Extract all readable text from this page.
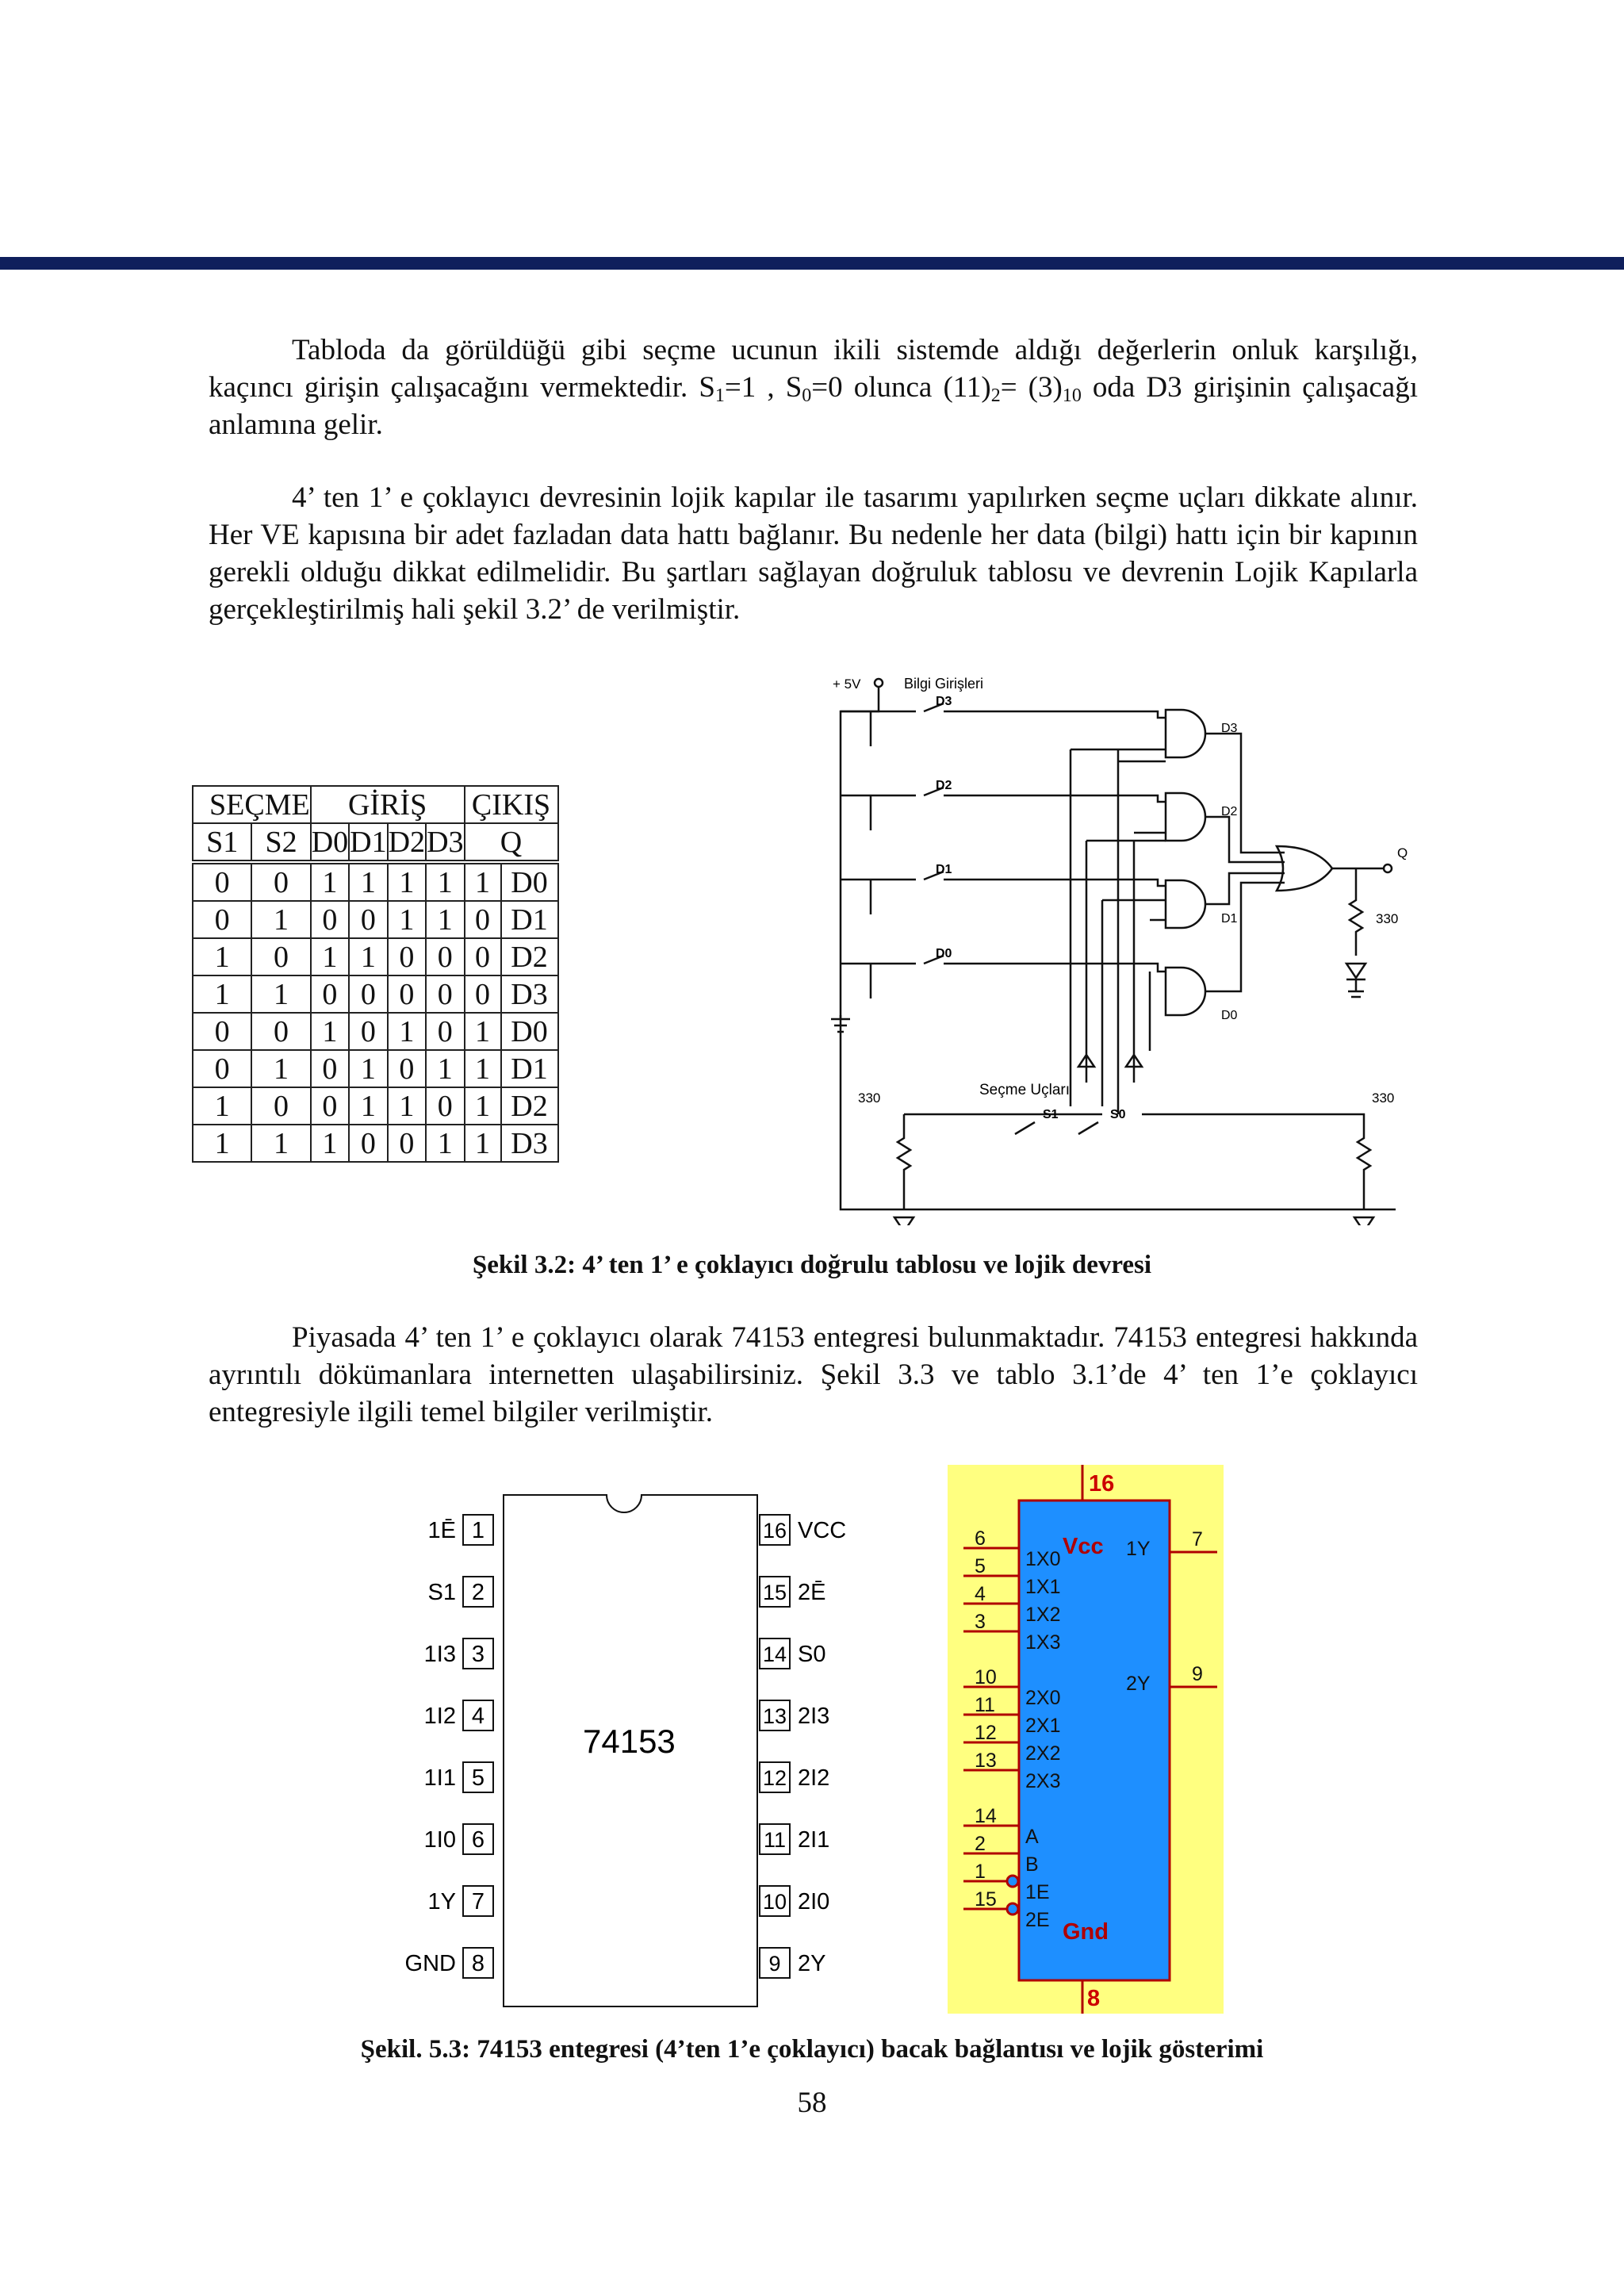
Tabloda da görüldüğü gibi seçme ucunun ikili sistemde aldığı değerlerin onluk karşılığı, kaçıncı girişin çalışacağını vermektedir. $S_1=1$ , $S_0=0$ olunca $(11)_2= (3)_{10}$ oda D3 girişinin çalışacağı anlamına gelir.

4’ ten 1’ e çoklayıcı devresinin lojik kapılar ile tasarımı yapılırken seçme uçları dikkate alınır. Her VE kapısına bir adet fazladan data hattı bağlanır. Bu nedenle her data (bilgi) hattı için bir kapının gerekli olduğu dikkat edilmelidir. Bu şartları sağlayan doğruluk tablosu ve devrenin Lojik Kapılarla gerçekleştirilmiş hali şekil 3.2’ de verilmiştir.

SEÇME		GİRİŞ				ÇIKIŞ	
S1	S2	D0	D1	D2	D3	Q	
0	0	1	1	1	1	1	D0
0	1	0	0	1	1	0	D1
1	0	1	1	0	0	0	D2
1	1	0	0	0	0	0	D3
0	0	1	0	1	0	1	D0
0	1	0	1	0	1	1	D1
1	0	0	1	1	0	1	D2
1	1	1	0	0	1	1	D3
+ 5V	Bilgi Girişleri
D3
D2
D1
D0
D3
D2
D1
D0
Q
330
Seçme Uçları
S1	S0
330	330

Şekil 3.2: 4’ ten 1’ e çoklayıcı doğrulu tablosu ve lojik devresi

Piyasada 4’ ten 1’ e çoklayıcı olarak 74153 entegresi bulunmaktadır. 74153 entegresi hakkında ayrıntılı dökümanlara internetten ulaşabilirsiniz. Şekil 3.3 ve tablo 3.1’de 4’ ten 1’e çoklayıcı entegresiyle ilgili temel bilgiler verilmiştir.

74153
1
1Ē
2
S1
3
1I3
4
1I2
5
1I1
6
1I0
7
1Y
8
GND
16 VCC
15 2Ē
14 S0
13 2I3
12 2I2
11 2I1
10 2I0
9 2Y
16
8
Vcc
Gnd
6
1X0
5
1X1
4
1X2
3
1X3
10
2X0
11
2X1
12
2X2
13
2X3
14
A
2
B
1
1E
15
2E
7
1Y
9
2Y

Şekil. 5.3: 74153 entegresi (4’ten 1’e çoklayıcı) bacak bağlantısı ve lojik gösterimi

58
